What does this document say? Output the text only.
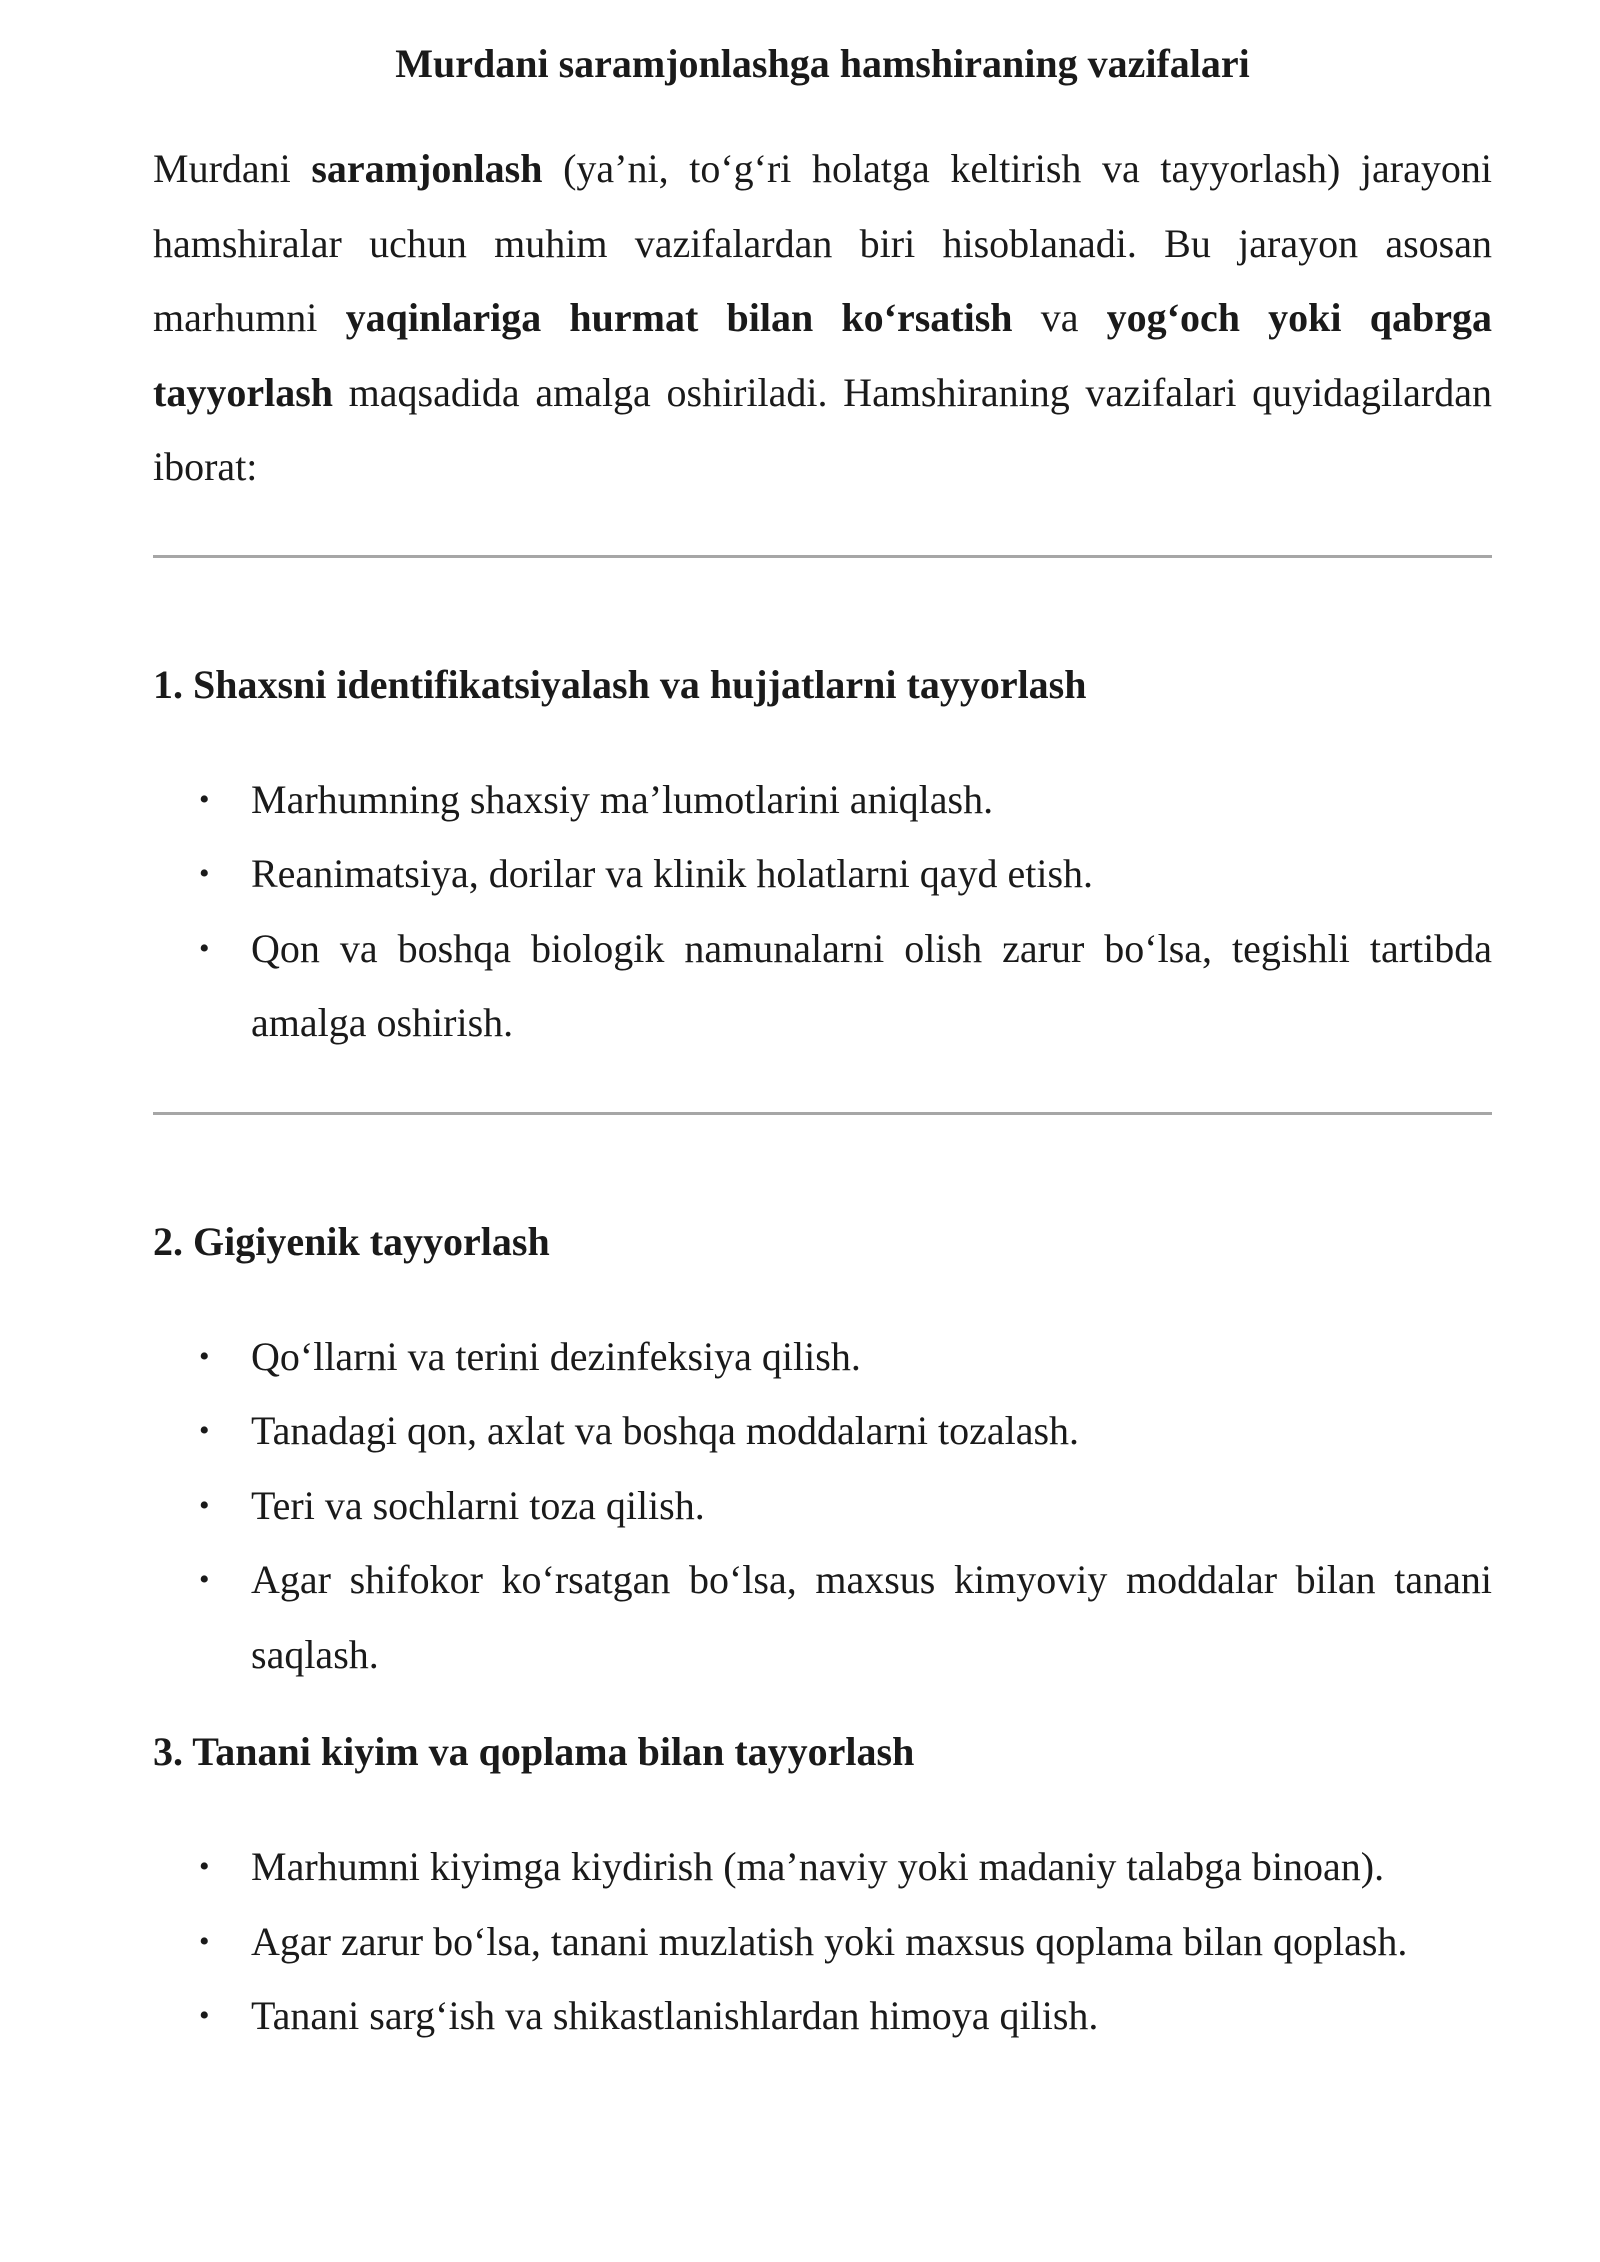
Murdani saramjonlashga hamshiraning vazifalari

Murdani saramjonlash (ya’ni, to‘g‘ri holatga keltirish va tayyorlash) jarayoni hamshiralar uchun muhim vazifalardan biri hisoblanadi. Bu jarayon asosan marhumni yaqinlariga hurmat bilan ko‘rsatish va yog‘och yoki qabrga tayyorlash maqsadida amalga oshiriladi. Hamshiraning vazifalari quyidagilardan iborat:

1. Shaxsni identifikatsiyalash va hujjatlarni tayyorlash
• Marhumning shaxsiy ma’lumotlarini aniqlash.
• Reanimatsiya, dorilar va klinik holatlarni qayd etish.
• Qon va boshqa biologik namunalarni olish zarur bo‘lsa, tegishli tartibda amalga oshirish.
2. Gigiyenik tayyorlash
• Qo‘llarni va terini dezinfeksiya qilish.
• Tanadagi qon, axlat va boshqa moddalarni tozalash.
• Teri va sochlarni toza qilish.
• Agar shifokor ko‘rsatgan bo‘lsa, maxsus kimyoviy moddalar bilan tanani saqlash.
3. Tanani kiyim va qoplama bilan tayyorlash
• Marhumni kiyimga kiydirish (ma’naviy yoki madaniy talabga binoan).
• Agar zarur bo‘lsa, tanani muzlatish yoki maxsus qoplama bilan qoplash.
• Tanani sarg‘ish va shikastlanishlardan himoya qilish.
